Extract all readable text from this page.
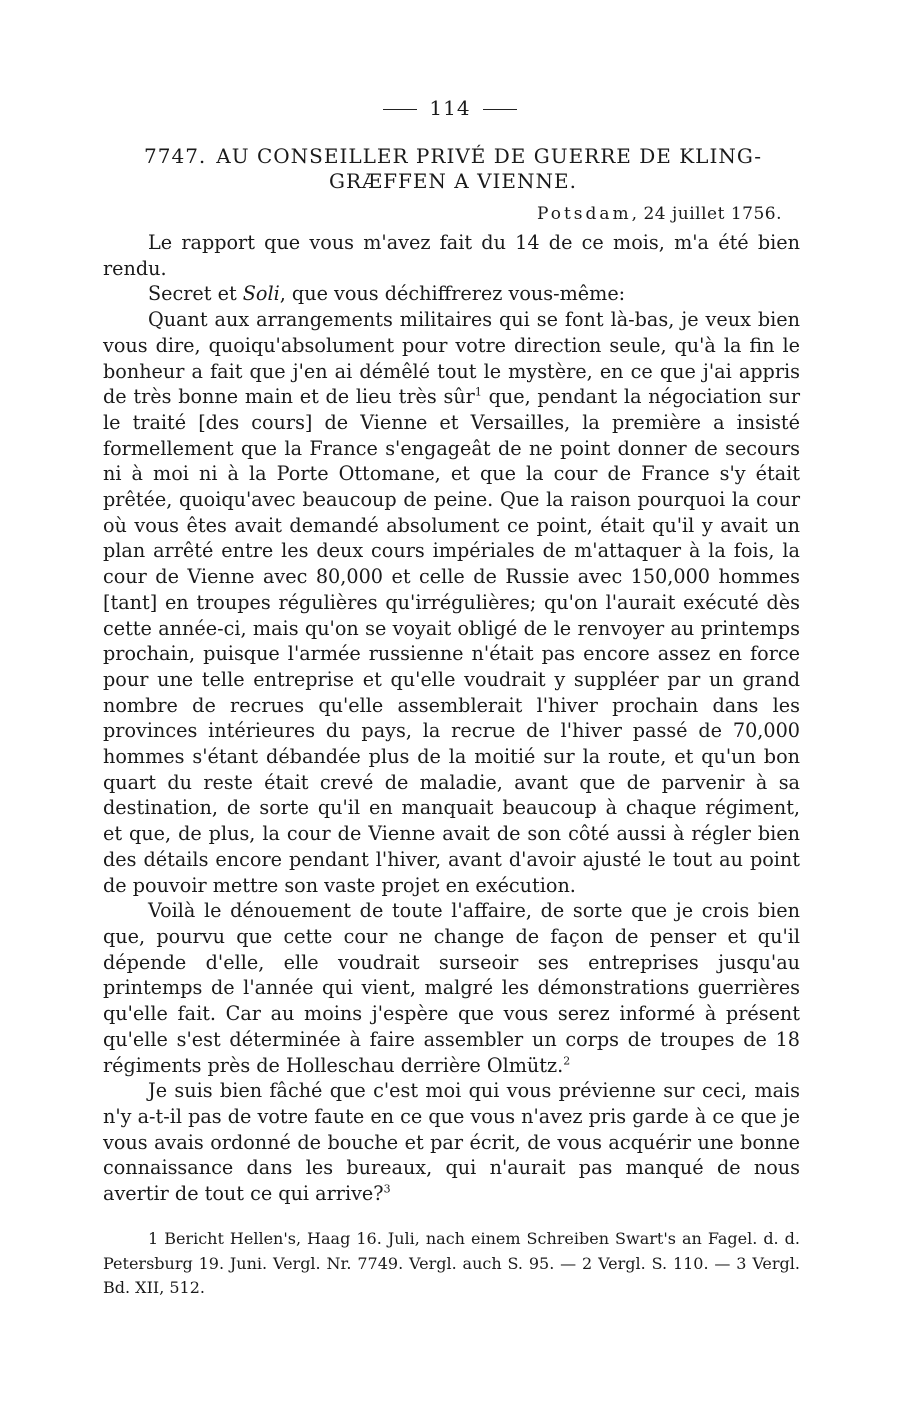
114
7747. AU CONSEILLER PRIVÉ DE GUERRE DE KLING- GRÆFFEN A VIENNE.
Potsdam, 24 juillet 1756.

Le rapport que vous m'avez fait du 14 de ce mois, m'a été bien rendu.

Secret et Soli, que vous déchiffrerez vous-même:

Quant aux arrangements militaires qui se font là-bas, je veux bien vous dire, quoiqu'absolument pour votre direction seule, qu'à la fin le bonheur a fait que j'en ai démêlé tout le mystère, en ce que j'ai appris de très bonne main et de lieu très sûr$^1$ que, pendant la négociation sur le traité [des cours] de Vienne et Versailles, la première a insisté formellement que la France s'engageât de ne point donner de secours ni à moi ni à la Porte Ottomane, et que la cour de France s'y était prêtée, quoiqu'avec beaucoup de peine. Que la raison pourquoi la cour où vous êtes avait demandé absolument ce point, était qu'il y avait un plan arrêté entre les deux cours impériales de m'attaquer à la fois, la cour de Vienne avec 80,000 et celle de Russie avec 150,000 hommes [tant] en troupes régulières qu'irrégulières; qu'on l'aurait exécuté dès cette année-ci, mais qu'on se voyait obligé de le renvoyer au printemps prochain, puisque l'armée russienne n'était pas encore assez en force pour une telle entreprise et qu'elle voudrait y suppléer par un grand nombre de recrues qu'elle assemblerait l'hiver prochain dans les provinces intérieures du pays, la recrue de l'hiver passé de 70,000 hommes s'étant débandée plus de la moitié sur la route, et qu'un bon quart du reste était crevé de maladie, avant que de parvenir à sa destination, de sorte qu'il en manquait beaucoup à chaque régiment, et que, de plus, la cour de Vienne avait de son côté aussi à régler bien des détails encore pendant l'hiver, avant d'avoir ajusté le tout au point de pouvoir mettre son vaste projet en exécution.

Voilà le dénouement de toute l'affaire, de sorte que je crois bien que, pourvu que cette cour ne change de façon de penser et qu'il dépende d'elle, elle voudrait surseoir ses entreprises jusqu'au printemps de l'année qui vient, malgré les démonstrations guerrières qu'elle fait. Car au moins j'espère que vous serez informé à présent qu'elle s'est déterminée à faire assembler un corps de troupes de 18 régiments près de Holleschau derrière Olmütz.$^2$

Je suis bien fâché que c'est moi qui vous prévienne sur ceci, mais n'y a-t-il pas de votre faute en ce que vous n'avez pris garde à ce que je vous avais ordonné de bouche et par écrit, de vous acquérir une bonne connaissance dans les bureaux, qui n'aurait pas manqué de nous avertir de tout ce qui arrive?$^3$

1 Bericht Hellen's, Haag 16. Juli, nach einem Schreiben Swart's an Fagel. d. d. Petersburg 19. Juni. Vergl. Nr. 7749. Vergl. auch S. 95. — 2 Vergl. S. 110. — 3 Vergl. Bd. XII, 512.
